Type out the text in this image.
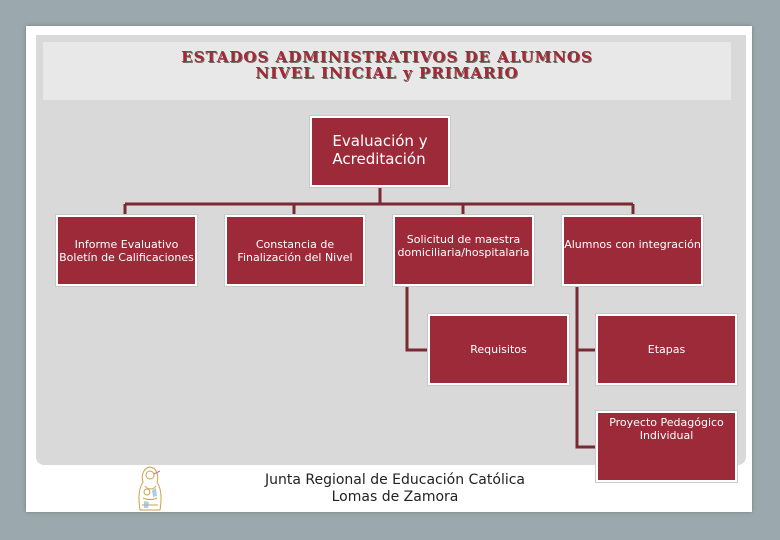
ESTADOS ADMINISTRATIVOS DE ALUMNOS
NIVEL INICIAL y PRIMARIO
Evaluación y
Acreditación
Informe Evaluativo
Boletín de Calificaciones
Constancia de
Finalización del Nivel
Solicitud de maestra
domiciliaria/hospitalaria
Alumnos con integración
Requisitos	Etapas
Proyecto Pedagógico
Individual
Junta Regional de Educación Católica
Lomas de Zamora
